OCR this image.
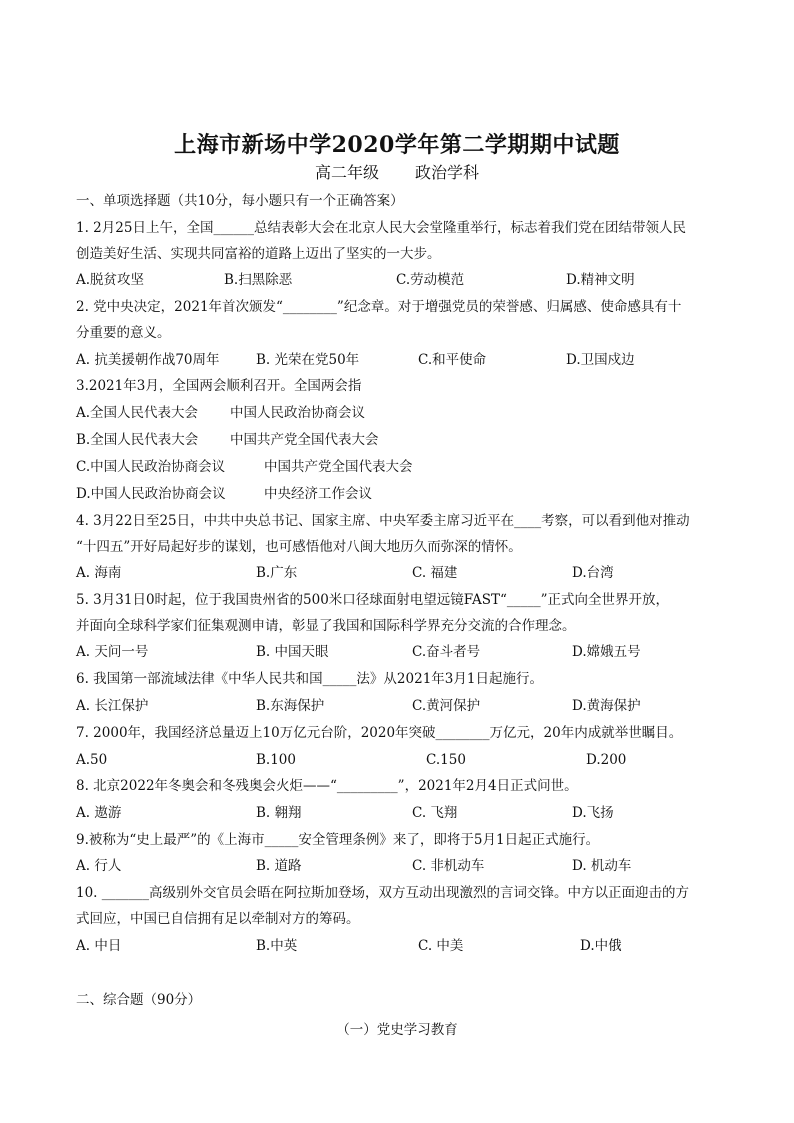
上海市新场中学2020学年第二学期期中试题
高二年级 政治学科
一、单项选择题（共10分，每小题只有一个正确答案）
1. 2月25日上午，全国______总结表彰大会在北京人民大会堂隆重举行，标志着我们党在团结带领人民
创造美好生活、实现共同富裕的道路上迈出了坚实的一大步。
A.脱贫攻坚	B.扫黑除恶	C.劳动模范	D.精神文明
2. 党中央决定，2021年首次颁发“________”纪念章。对于增强党员的荣誉感、归属感、使命感具有十
分重要的意义。
A. 抗美援朝作战70周年	B. 光荣在党50年	C.和平使命	D.卫国戍边
3.2021年3月，全国两会顺利召开。全国两会指
A.全国人民代表大会 中国人民政治协商会议
B.全国人民代表大会 中国共产党全国代表大会
C.中国人民政治协商会议	中国共产党全国代表大会
D.中国人民政治协商会议	中央经济工作会议
4. 3月22日至25日，中共中央总书记、国家主席、中央军委主席习近平在____考察，可以看到他对推动
“十四五”开好局起好步的谋划，也可感悟他对八闽大地历久而弥深的情怀。
A. 海南	B.广东	C. 福建	D.台湾
5. 3月31日0时起，位于我国贵州省的500米口径球面射电望远镜FAST“_____”正式向全世界开放，
并面向全球科学家们征集观测申请，彰显了我国和国际科学界充分交流的合作理念。
A. 天问一号	B. 中国天眼	C.奋斗者号	D.嫦娥五号
6. 我国第一部流域法律《中华人民共和国_____法》从2021年3月1日起施行。
A. 长江保护	B.东海保护	C.黄河保护	D.黄海保护
7. 2000年，我国经济总量迈上10万亿元台阶，2020年突破________万亿元，20年内成就举世瞩目。
A.50	B.100	C.150	D.200
8. 北京2022年冬奥会和冬残奥会火炬——“_________”，2021年2月4日正式问世。
A. 遨游	B. 翱翔	C. 飞翔	D.飞扬
9.被称为“史上最严”的《上海市_____安全管理条例》来了，即将于5月1日起正式施行。
A. 行人	B. 道路	C. 非机动车	D. 机动车
10. _______高级别外交官员会晤在阿拉斯加登场，双方互动出现激烈的言词交锋。中方以正面迎击的方
式回应，中国已自信拥有足以牵制对方的筹码。
A. 中日	B.中英	C. 中美	D.中俄
二、综合题（90分）
（一）党史学习教育
